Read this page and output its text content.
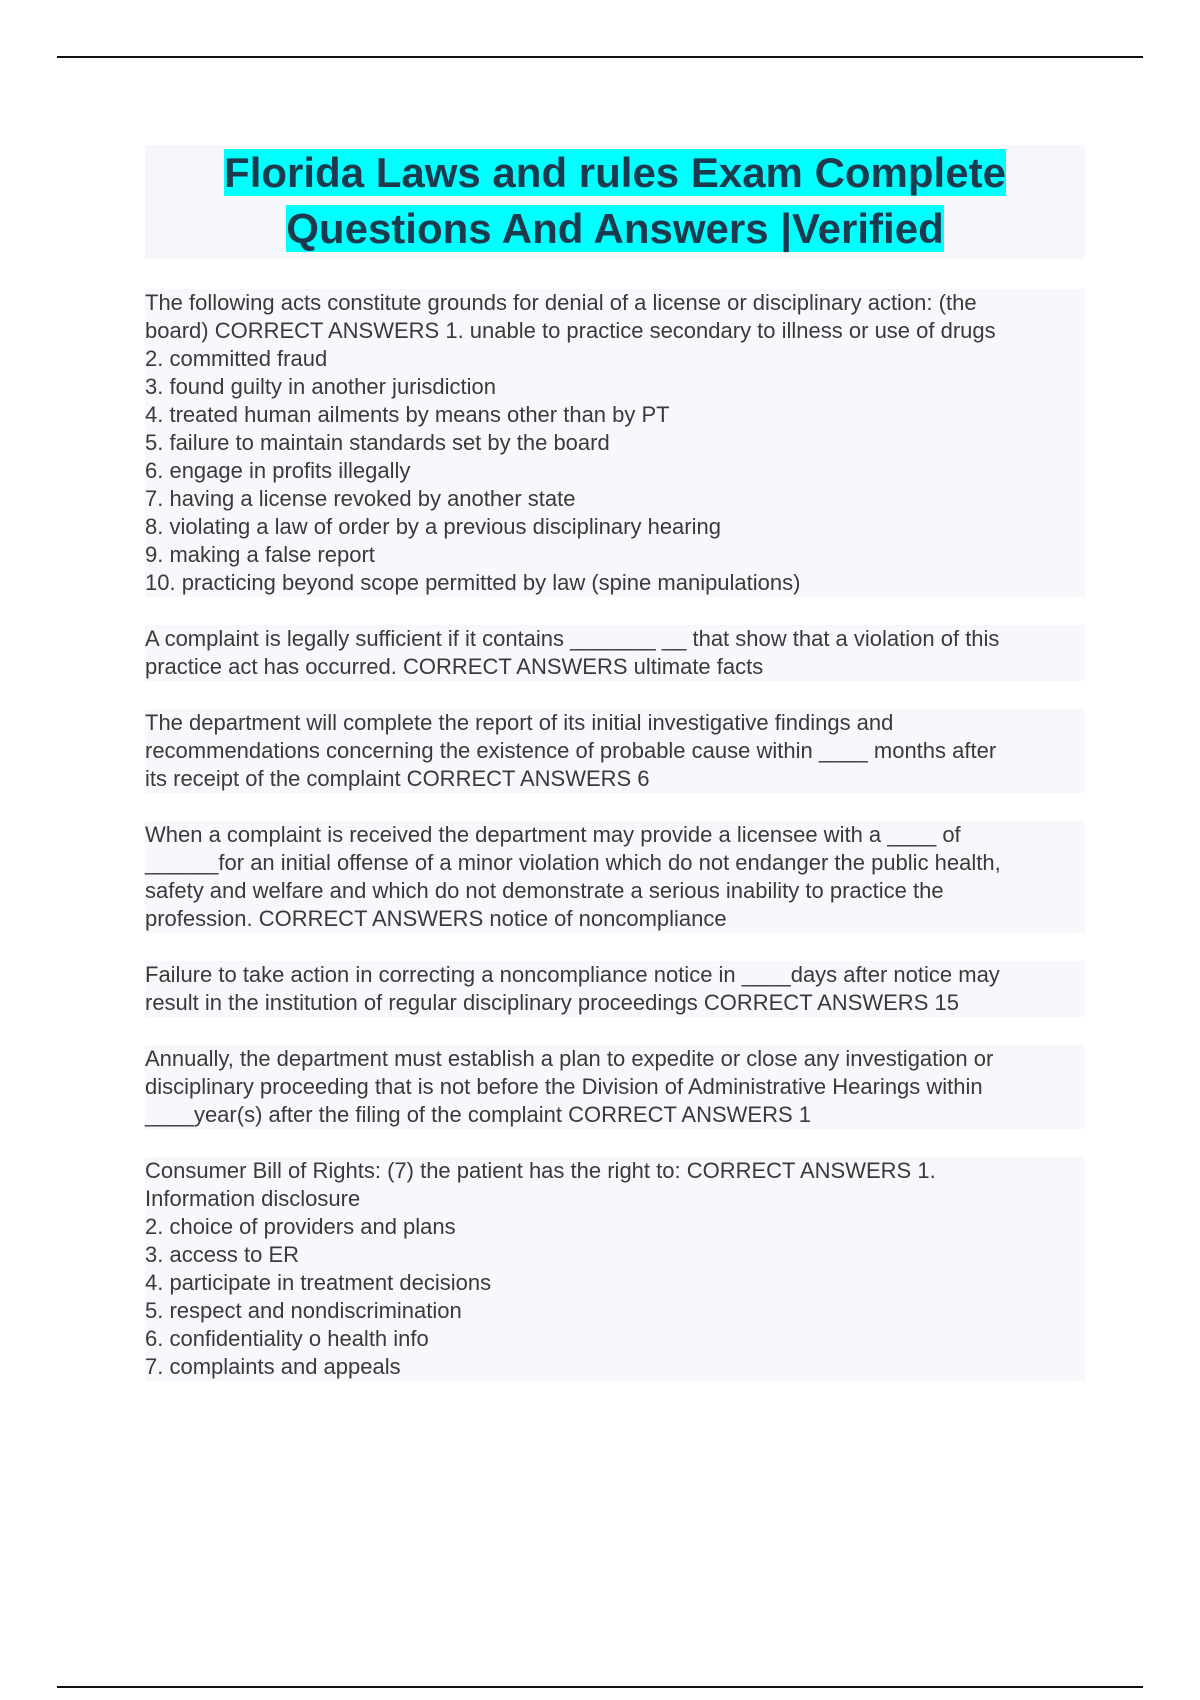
Florida Laws and rules Exam Complete
Questions And Answers |Verified

The following acts constitute grounds for denial of a license or disciplinary action: (the
board) CORRECT ANSWERS 1. unable to practice secondary to illness or use of drugs
2. committed fraud
3. found guilty in another jurisdiction
4. treated human ailments by means other than by PT
5. failure to maintain standards set by the board
6. engage in profits illegally
7. having a license revoked by another state
8. violating a law of order by a previous disciplinary hearing
9. making a false report
10. practicing beyond scope permitted by law (spine manipulations)

A complaint is legally sufficient if it contains _______ __ that show that a violation of this
practice act has occurred. CORRECT ANSWERS ultimate facts

The department will complete the report of its initial investigative findings and
recommendations concerning the existence of probable cause within ____ months after
its receipt of the complaint CORRECT ANSWERS 6

When a complaint is received the department may provide a licensee with a ____ of
______for an initial offense of a minor violation which do not endanger the public health,
safety and welfare and which do not demonstrate a serious inability to practice the
profession. CORRECT ANSWERS notice of noncompliance

Failure to take action in correcting a noncompliance notice in ____days after notice may
result in the institution of regular disciplinary proceedings CORRECT ANSWERS 15

Annually, the department must establish a plan to expedite or close any investigation or
disciplinary proceeding that is not before the Division of Administrative Hearings within
____year(s) after the filing of the complaint CORRECT ANSWERS 1

Consumer Bill of Rights: (7) the patient has the right to: CORRECT ANSWERS 1.
Information disclosure
2. choice of providers and plans
3. access to ER
4. participate in treatment decisions
5. respect and nondiscrimination
6. confidentiality o health info
7. complaints and appeals
